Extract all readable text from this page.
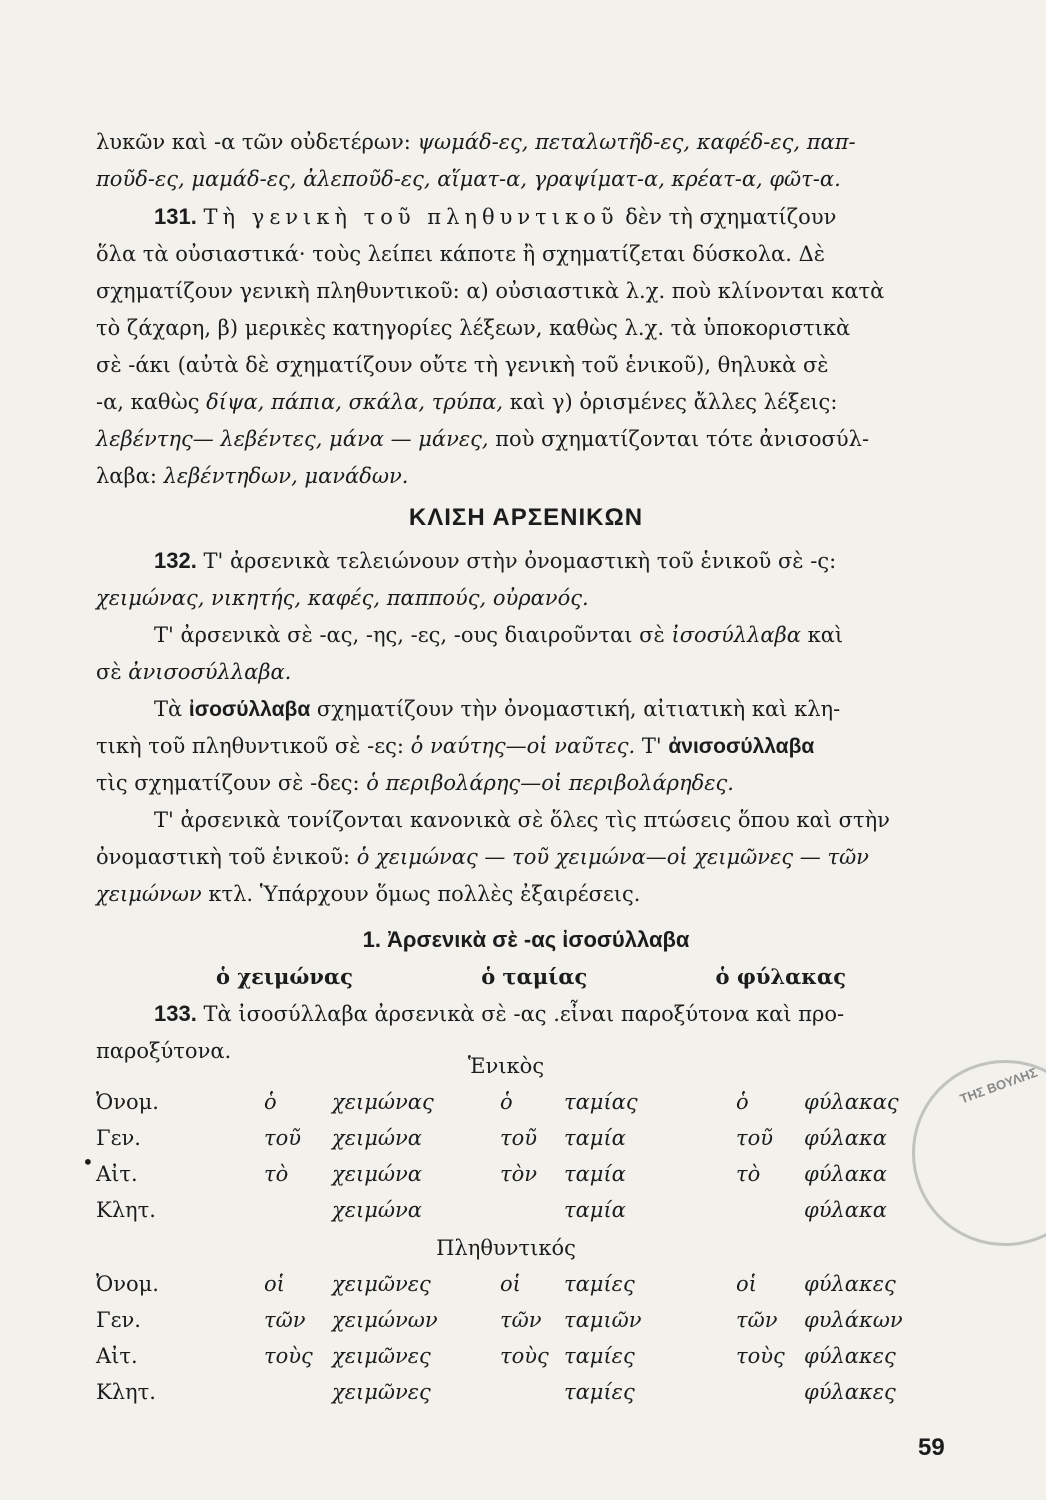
λυκῶν καὶ -α τῶν οὐδετέρων: ψωμάδ-ες, πεταλωτῆδ-ες, καφέδ-ες, παπ-
ποῦδ-ες, μαμάδ-ες, ἀλεποῦδ-ες, αἵματ-α, γραψίματ-α, κρέατ-α, φῶτ-α.

131. Τὴ γενικὴ τοῦ πληθυντικοῦ δὲν τὴ σχηματίζουν
ὅλα τὰ οὐσιαστικά· τοὺς λείπει κάποτε ἢ σχηματίζεται δύσκολα. Δὲ
σχηματίζουν γενικὴ πληθυντικοῦ: α) οὐσιαστικὰ λ.χ. ποὺ κλίνονται κατὰ
τὸ ζάχαρη, β) μερικὲς κατηγορίες λέξεων, καθὼς λ.χ. τὰ ὑποκοριστικὰ
σὲ -άκι (αὐτὰ δὲ σχηματίζουν οὔτε τὴ γενικὴ τοῦ ἑνικοῦ), θηλυκὰ σὲ
-α, καθὼς δίψα, πάπια, σκάλα, τρύπα, καὶ γ) ὁρισμένες ἄλλες λέξεις:
λεβέντης— λεβέντες, μάνα — μάνες, ποὺ σχηματίζονται τότε ἀνισοσύλ-
λαβα: λεβέντηδων, μανάδων.

ΚΛΙΣΗ ΑΡΣΕΝΙΚΩΝ

132. Τ' ἀρσενικὰ τελειώνουν στὴν ὀνομαστικὴ τοῦ ἑνικοῦ σὲ -ς:
χειμώνας, νικητής, καφές, παππούς, οὐρανός.

Τ' ἀρσενικὰ σὲ -ας, -ης, -ες, -ους διαιροῦνται σὲ ἰσοσύλλαβα καὶ
σὲ ἀνισοσύλλαβα.

Τὰ ἰσοσύλλαβα σχηματίζουν τὴν ὀνομαστική, αἰτιατικὴ καὶ κλη-
τικὴ τοῦ πληθυντικοῦ σὲ -ες: ὁ ναύτης—οἱ ναῦτες. Τ' ἀνισοσύλλαβα
τὶς σχηματίζουν σὲ -δες: ὁ περιβολάρης—οἱ περιβολάρηδες.

Τ' ἀρσενικὰ τονίζονται κανονικὰ σὲ ὅλες τὶς πτώσεις ὅπου καὶ στὴν
ὀνομαστικὴ τοῦ ἑνικοῦ: ὁ χειμώνας — τοῦ χειμώνα—οἱ χειμῶνες — τῶν
χειμώνων κτλ. Ὑπάρχουν ὅμως πολλὲς ἐξαιρέσεις.

1. Ἀρσενικὰ σὲ -ας ἰσοσύλλαβα
ὁ χειμώνας	ὁ ταμίας	ὁ φύλακας

133. Τὰ ἰσοσύλλαβα ἀρσενικὰ σὲ -ας .εἶναι παροξύτονα καὶ προ-
παροξύτονα.

Ἑνικὸς
Ὀνομ.	ὁ	χειμώνας	ὁ ταμίας	ὁ	φύλακας
Γεν.	τοῦ χειμώνα	τοῦ ταμία	τοῦ φύλακα
Αἰτ.	τὸ χειμώνα	τὸν ταμία	τὸ φύλακα
Κλητ.	χειμώνα	ταμία	φύλακα
Πληθυντικός
Ὀνομ.	οἱ χειμῶνες	οἱ ταμίες	οἱ φύλακες
Γεν.	τῶν χειμώνων	τῶν ταμιῶν	τῶν φυλάκων
Αἰτ.	τοὺς χειμῶνες	τοὺς ταμίες	τοὺς φύλακες
Κλητ.	χειμῶνες	ταμίες	φύλακες
•
ΤΗΣ ΒΟΥΛΗΣ
59
